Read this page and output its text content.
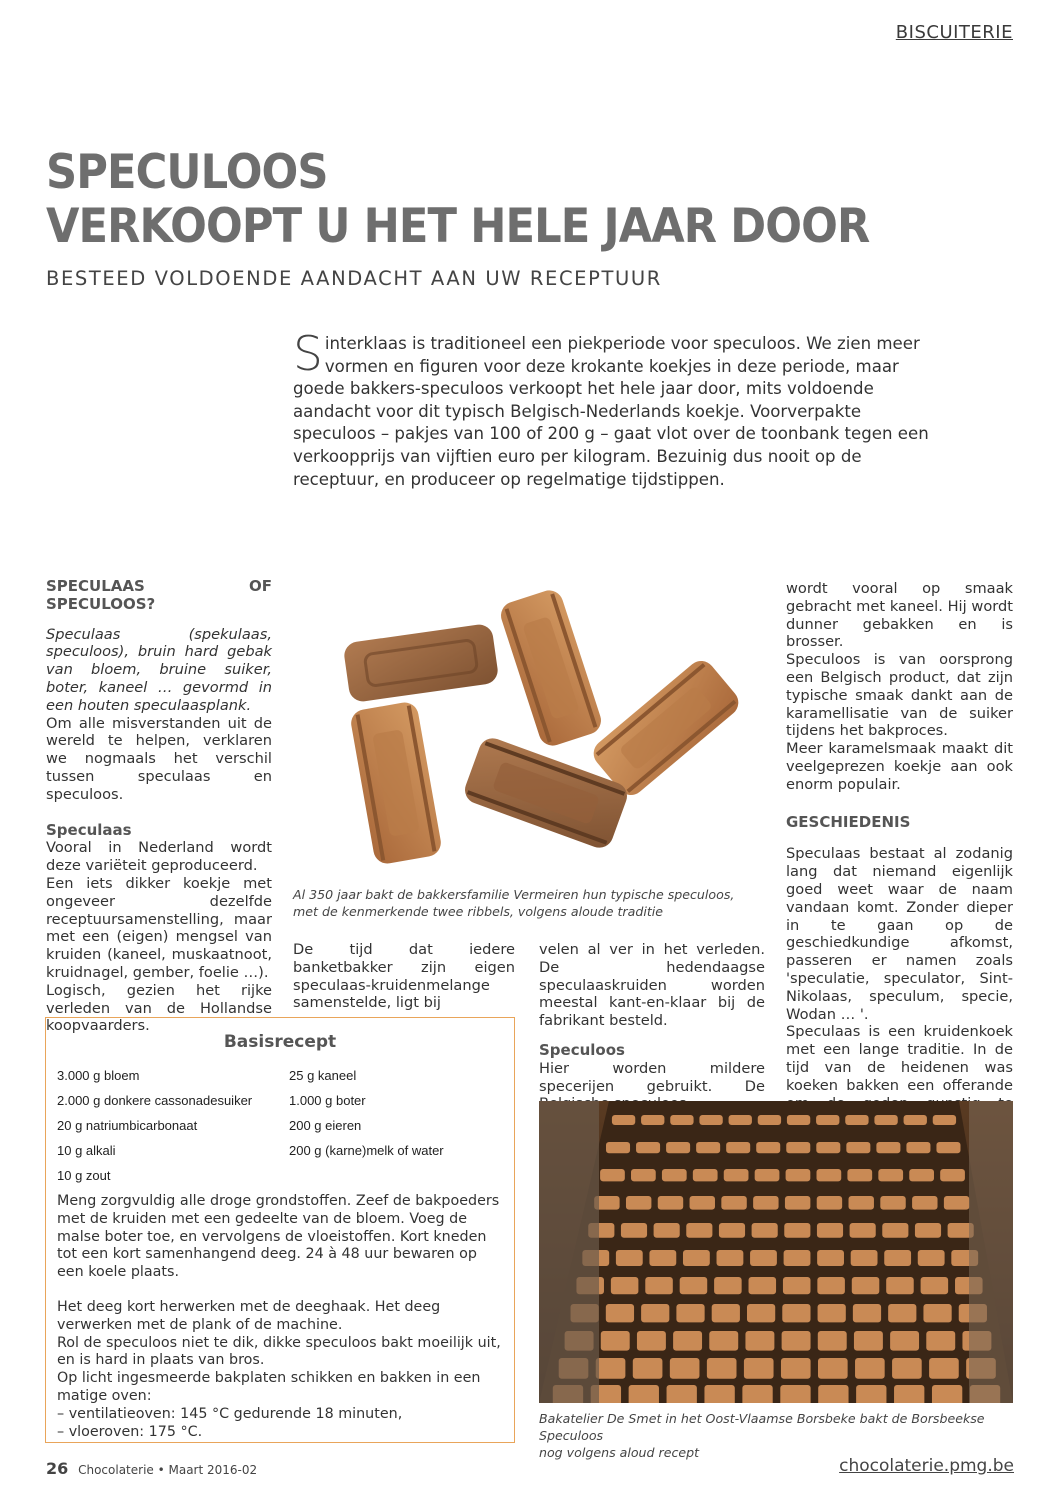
BISCUITERIE
SPECULOOS
VERKOOPT U HET HELE JAAR DOOR
BESTEED VOLDOENDE AANDACHT AAN UW RECEPTUUR
Sinterklaas is traditioneel een piekperiode voor speculoos. We zien meer vormen en figuren voor deze krokante koekjes in deze periode, maar goede bakkers-speculoos verkoopt het hele jaar door, mits voldoende aandacht voor dit typisch Belgisch-Nederlands koekje. Voorverpakte speculoos – pakjes van 100 of 200 g – gaat vlot over de toonbank tegen een verkoopprijs van vijftien euro per kilogram. Bezuinig dus nooit op de receptuur, en produceer op regelmatige tijdstippen.
SPECULAAS OF SPECULOOS?

Speculaas (spekulaas, speculoos), bruin hard gebak van bloem, bruine suiker, boter, kaneel … gevormd in een houten speculaasplank.

Om alle misverstanden uit de wereld te helpen, verklaren we nogmaals het verschil tussen speculaas en speculoos.

Speculaas

Vooral in Nederland wordt deze variëteit geproduceerd.

Een iets dikker koekje met ongeveer dezelfde receptuursamenstelling, maar met een (eigen) mengsel van kruiden (kaneel, muskaatnoot, kruidnagel, gember, foelie …).

Logisch, gezien het rijke verleden van de Hollandse koopvaarders.

Al 350 jaar bakt de bakkersfamilie Vermeiren hun typische speculoos,
met de kenmerkende twee ribbels, volgens aloude traditie

De tijd dat iedere banketbakker zijn eigen speculaas-kruidenmelange samenstelde, ligt bij

velen al ver in het verleden. De hedendaagse speculaaskruiden worden meestal kant-en-klaar bij de fabrikant besteld.

Speculoos

Hier worden mildere specerijen gebruikt. De

wordt vooral op smaak gebracht met kaneel. Hij wordt dunner gebakken en is brosser.

Speculoos is van oorsprong een Belgisch product, dat zijn typische smaak dankt aan de karamellisatie van de suiker tijdens het bakproces.

Meer karamelsmaak maakt dit veelgeprezen koekje aan ook enorm populair.

GESCHIEDENIS

Speculaas bestaat al zodanig lang dat niemand eigenlijk goed weet waar de naam vandaan komt. Zonder dieper in te gaan op de geschiedkundige afkomst, passeren er namen zoals 'speculatie, speculator, Sint-Nikolaas, speculum, specie, Wodan … '.

Speculaas is een kruidenkoek met een lange traditie. In de tijd van de heidenen was koeken bakken een offerande

Bakatelier De Smet in het Oost-Vlaamse Borsbeke bakt de Borsbeekse Speculoos
nog volgens aloud recept
Basisrecept
3.000 g bloem
2.000 g donkere cassonadesuiker
20 g natriumbicarbonaat
10 g alkali
10 g zout
25 g kaneel
1.000 g boter
200 g eieren
200 g (karne)melk of water

Meng zorgvuldig alle droge grondstoffen. Zeef de bakpoeders met de kruiden met een gedeelte van de bloem. Voeg de malse boter toe, en vervolgens de vloeistoffen. Kort kneden tot een kort samenhangend deeg. 24 à 48 uur bewaren op een koele plaats.

Het deeg kort herwerken met de deeghaak. Het deeg verwerken met de plank of de machine.

Rol de speculoos niet te dik, dikke speculoos bakt moeilijk uit, en is hard in plaats van bros.

Op licht ingesmeerde bakplaten schikken en bakken in een matige oven:

– ventilatieoven: 145 °C gedurende 18 minuten,

– vloeroven: 175 °C.

26 Chocolaterie • Maart 2016-02	chocolaterie.pmg.be
